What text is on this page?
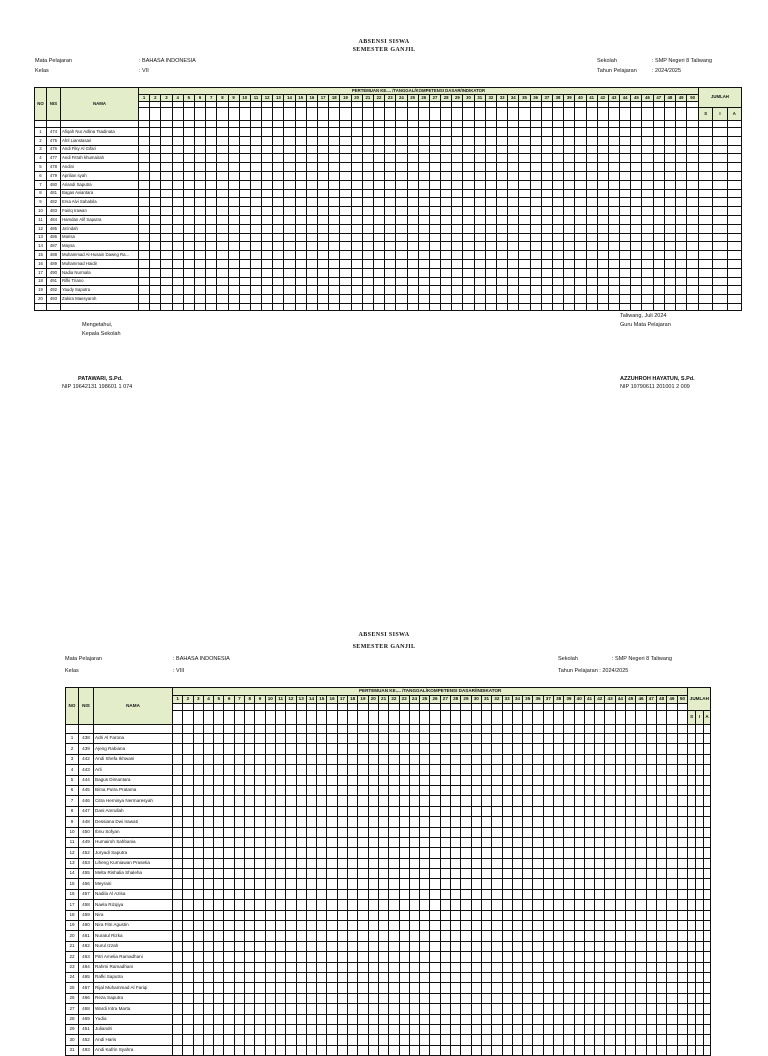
ABSENSI SISWA
SEMESTER GANJIL
Mata Pelajaran	: BAHASA INDONESIA
Kelas	: VII
Sekolah	: SMP Negeri 8 Taliwang
Tahun Pelajaran	: 2024/2025
NO	NIS	NAMA	PERTEMUAN KE.... /TANGGAL/KOMPETENSI DASAR/INDIKATOR																																																		JUMLAH		
			1	2	3	4	5	6	7	8	9	10	11	12	13	14	15	16	17	18	19	20	21	22	23	24	25	26	27	28	29	30	31	32	33	34	35	36	37	38	39	40	41	42	43	44	45	46	47	48	49	50			

																																																					S	I	A

1	474	Afiqah Nur Adlina Tsadinata																																																					
2	475	Afril Lianstasari																																																					
3	476	Andi Fiky Al Gifari																																																					
4	477	Andi Fitrah khumairah																																																					
5	478	Andini																																																					
6	479	Aprilian syah																																																					
7	480	Ariandi Saputra																																																					
8	481	Bagas Aviantara																																																					
9	482	Ersa Alvi Sahabila																																																					
10	483	Fairiq Irawan																																																					
11	484	Hamdan Alif Saputra																																																					
12	485	Ja'indah																																																					
13	486	Marisa																																																					
14	487	Maysa																																																					
15	488	Muhammad Al-Husain Dawng Ra...																																																					
16	489	Muhammad Haidir																																																					
17	490	Nadia Nurmala																																																					
18	491	Rifki Triano																																																					
19	492	Yaudy Saputra																																																					
20	493	Zakira Maesyaroh																																																					

Taliwang, Juli 2024
Guru Mata Pelajaran
Mengetahui,
Kepala Sekolah
PATAWARI, S.Pd.
NIP 19642131 198601 1 074
AZZUHROH HAYATUN, S.Pd.
NIP 19790611 201001 2 009
ABSENSI SISWA
SEMESTER GANJIL
Mata Pelajaran	: BAHASA INDONESIA
Kelas	: VIII
Sekolah	: SMP Negeri 8 Taliwang
Tahun Pelajaran : 2024/2025
NO	NIS	NAMA	PERTEMUAN KE.... /TANGGAL/KOMPETENSI DASAR/INDIKATOR																																																		JUMLAH		
			1	2	3	4	5	6	7	8	9	10	11	12	13	14	15	16	17	18	19	20	21	22	23	24	25	26	27	28	29	30	31	32	33	34	35	36	37	38	39	40	41	42	43	44	45	46	47	48	49	50			

																																																					S	I	A

1	438	Adri Al Farona																																																					
2	439	Ajeng Rabiana																																																					
3	442	Andi Shefa Ikhwani																																																					
4	443	Arli																																																					
5	444	Bagus Dimantara																																																					
6	445	Bima Putra Pratama																																																					
7	446	Citra Hernisya Nermaresyah																																																					
8	447	Dani Amrullah																																																					
9	448	Dessiana Dwi Irawati																																																					
10	450	Ibnu Sofyan																																																					
11	449	Humairoh Sahbania																																																					
12	452	Juryadi Saputra																																																					
13	453	Liheng Kurniawan Prasetia																																																					
14	455	Melta Rishalia Shaleha																																																					
15	456	Meyrani																																																					
16	457	Nadila Al Azisa																																																					
17	458	Naela Rizqiya																																																					
18	459	Nira																																																					
19	460	Nira Fitri Agustin																																																					
20	461	Nuratul Rizka																																																					
21	462	Nurul Izzah																																																					
22	463	Pitri Amelia Ramadhani																																																					
23	464	Rahmi Ramadhani																																																					
24	465	Rafki Saputra																																																					
25	467	Rijal Muhammad Al Fariqi																																																					
26	466	Reza Saputra																																																					
27	468	Wardi Intra Marta																																																					
28	469	Yudia																																																					
29	451	Juliandri																																																					
30	452	Andi Haris																																																					
31	493	Andi Kafrin Syahra																																																					
